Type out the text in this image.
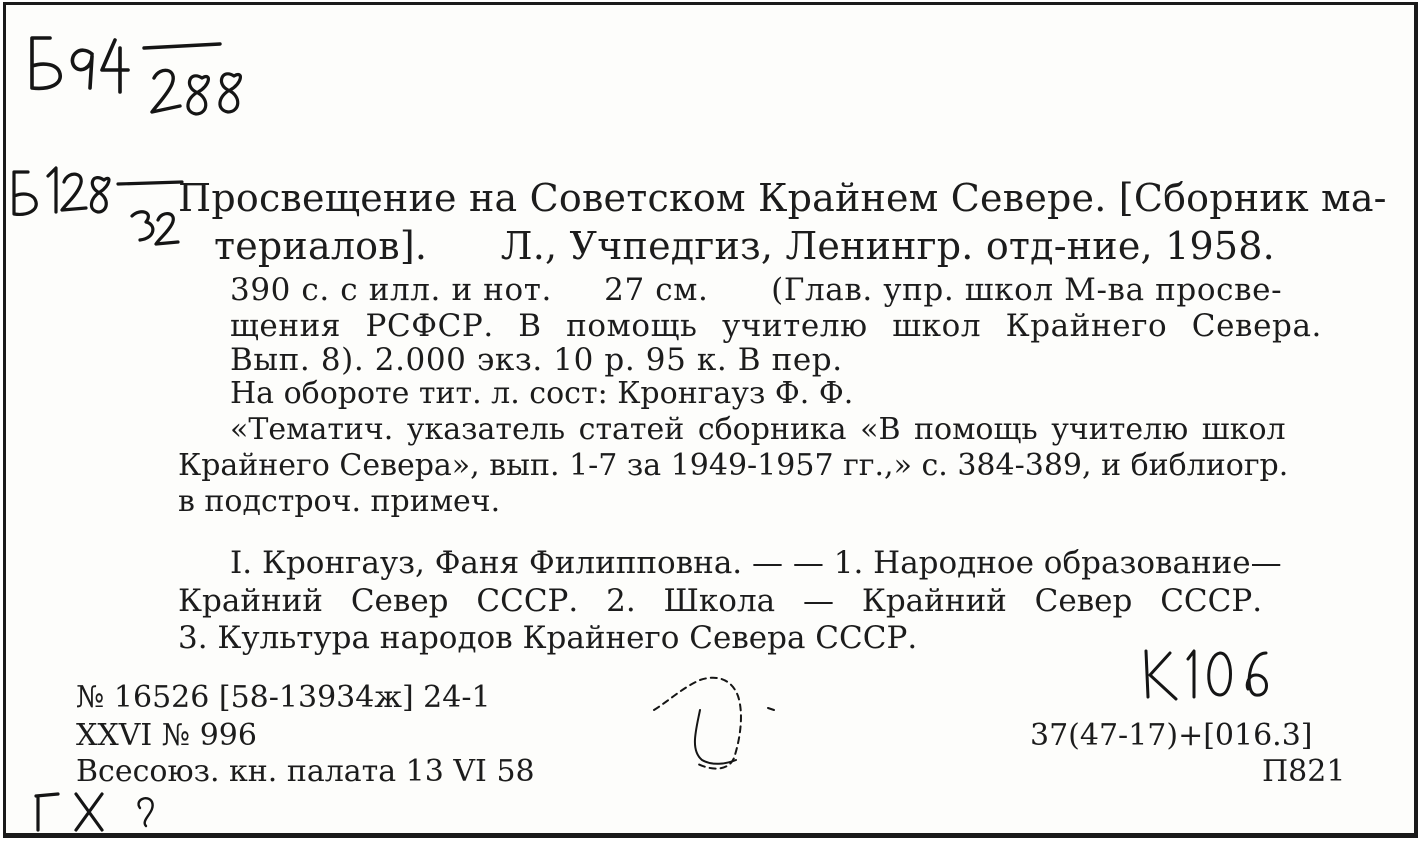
Просвещение на Советском Крайнем Севере. [Сборник ма-
териалов].      Л., Учпедгиз, Ленингр. отд-ние, 1958.
390 с. с илл. и нот.     27 см.      (Глав. упр. школ М-ва просве-
щения РСФСР. В помощь учителю школ Крайнего Севера.
Вып. 8). 2.000 экз. 10 р. 95 к. В пер.
На обороте тит. л. сост: Кронгауз Ф. Ф.
«Тематич. указатель статей сборника «В помощь учителю школ
Крайнего Севера», вып. 1-7 за 1949-1957 гг.,» с. 384-389, и библиогр.
в подстроч. примеч.
I. Кронгауз, Фаня Филипповна. — — 1. Народное образование—
Крайний Север СССР. 2. Школа — Крайний Север СССР.
3. Культура народов Крайнего Севера СССР.
№ 16526 [58-13934ж] 24-1
XXVI № 996
Всесоюз. кн. палата 13 VI 58
37(47-17)+[016.3]
П821
